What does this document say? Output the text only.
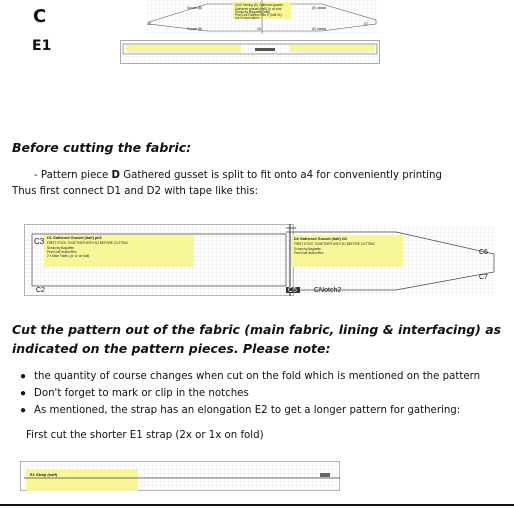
C
E1
Gusset (B)
Gusset (B)
(E) waistd
(E) waistd
CNS Sewing (E) Gathered gusset
Gathered gusset (half) 2x on fold
Scrunchy Baguette (half)
PeerCos Fashion Rec E (half 2x)
cut 2x from fabric
C5
C6
E2
Before cutting the fabric:
- Pattern piece D Gathered gusset is split to fit onto a4 for conveniently printing
Thus first connect D1 and D2 with tape like this:
C3
C2
C6
C7
C5 CNotch2
D1 Gathered Gusset (half) pt/2
FIRST STICK TOGETHER WITH D2 BEFORE CUTTING
Scrunchy Baguette
PeerCosFashionRec
2 x Main Fabric (or 1x on fold)
D2 Gathered Gusset (half) 2/2
FIRST STICK TOGETHER WITH D1 BEFORE CUTTING
Scrunchy Baguette
PeerCosFashionRec
Cut the pattern out of the fabric (main fabric, lining & interfacing) as indicated on the pattern pieces. Please note:
● the quantity of course changes when cut on the fold which is mentioned on the pattern
● Don't forget to mark or clip in the notches
● As mentioned, the strap has an elongation E2 to get a longer pattern for gathering:
First cut the shorter E1 strap (2x or 1x on fold)
E1 Strap (half)
